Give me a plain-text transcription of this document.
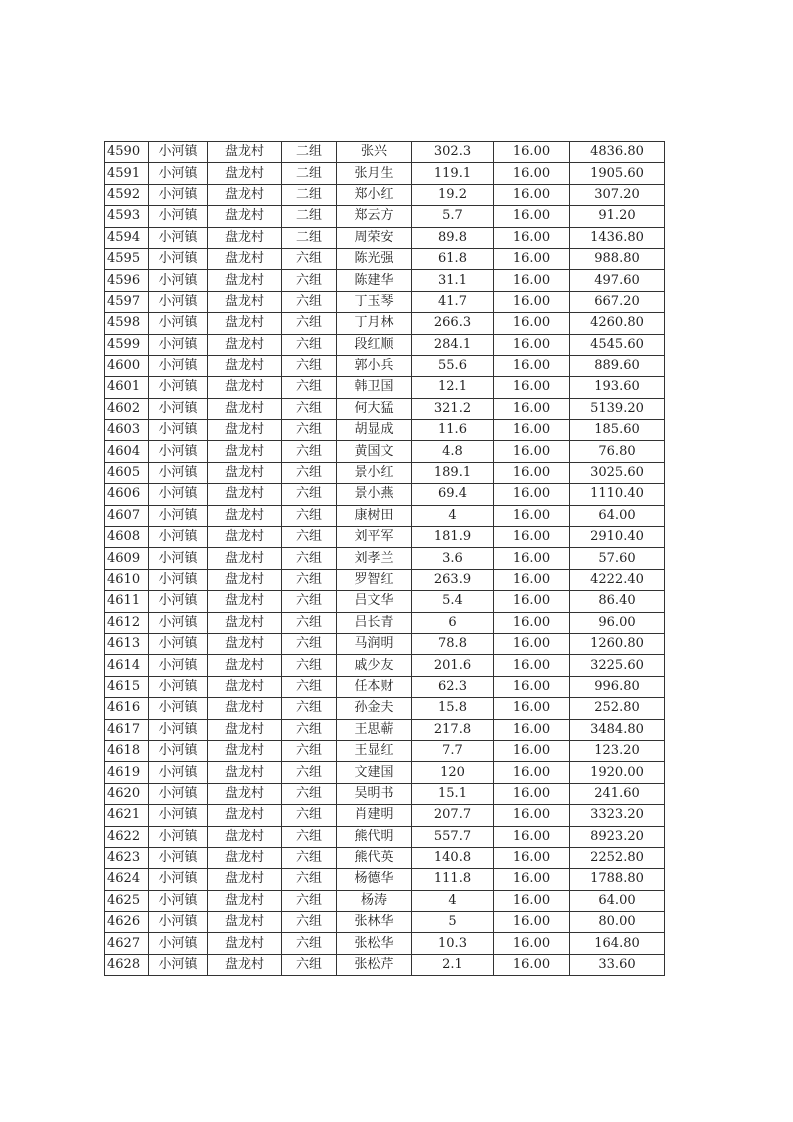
4590	小河镇	盘龙村	二组	张兴	302.3	16.00	4836.80
4591	小河镇	盘龙村	二组	张月生	119.1	16.00	1905.60
4592	小河镇	盘龙村	二组	郑小红	19.2	16.00	307.20
4593	小河镇	盘龙村	二组	郑云方	5.7	16.00	91.20
4594	小河镇	盘龙村	二组	周荣安	89.8	16.00	1436.80
4595	小河镇	盘龙村	六组	陈光强	61.8	16.00	988.80
4596	小河镇	盘龙村	六组	陈建华	31.1	16.00	497.60
4597	小河镇	盘龙村	六组	丁玉琴	41.7	16.00	667.20
4598	小河镇	盘龙村	六组	丁月林	266.3	16.00	4260.80
4599	小河镇	盘龙村	六组	段红顺	284.1	16.00	4545.60
4600	小河镇	盘龙村	六组	郭小兵	55.6	16.00	889.60
4601	小河镇	盘龙村	六组	韩卫国	12.1	16.00	193.60
4602	小河镇	盘龙村	六组	何大猛	321.2	16.00	5139.20
4603	小河镇	盘龙村	六组	胡显成	11.6	16.00	185.60
4604	小河镇	盘龙村	六组	黄国文	4.8	16.00	76.80
4605	小河镇	盘龙村	六组	景小红	189.1	16.00	3025.60
4606	小河镇	盘龙村	六组	景小燕	69.4	16.00	1110.40
4607	小河镇	盘龙村	六组	康树田	4	16.00	64.00
4608	小河镇	盘龙村	六组	刘平军	181.9	16.00	2910.40
4609	小河镇	盘龙村	六组	刘孝兰	3.6	16.00	57.60
4610	小河镇	盘龙村	六组	罗智红	263.9	16.00	4222.40
4611	小河镇	盘龙村	六组	吕文华	5.4	16.00	86.40
4612	小河镇	盘龙村	六组	吕长青	6	16.00	96.00
4613	小河镇	盘龙村	六组	马润明	78.8	16.00	1260.80
4614	小河镇	盘龙村	六组	戚少友	201.6	16.00	3225.60
4615	小河镇	盘龙村	六组	任本财	62.3	16.00	996.80
4616	小河镇	盘龙村	六组	孙金夫	15.8	16.00	252.80
4617	小河镇	盘龙村	六组	王思蕲	217.8	16.00	3484.80
4618	小河镇	盘龙村	六组	王显红	7.7	16.00	123.20
4619	小河镇	盘龙村	六组	文建国	120	16.00	1920.00
4620	小河镇	盘龙村	六组	吴明书	15.1	16.00	241.60
4621	小河镇	盘龙村	六组	肖建明	207.7	16.00	3323.20
4622	小河镇	盘龙村	六组	熊代明	557.7	16.00	8923.20
4623	小河镇	盘龙村	六组	熊代英	140.8	16.00	2252.80
4624	小河镇	盘龙村	六组	杨德华	111.8	16.00	1788.80
4625	小河镇	盘龙村	六组	杨涛	4	16.00	64.00
4626	小河镇	盘龙村	六组	张林华	5	16.00	80.00
4627	小河镇	盘龙村	六组	张松华	10.3	16.00	164.80
4628	小河镇	盘龙村	六组	张松芹	2.1	16.00	33.60
